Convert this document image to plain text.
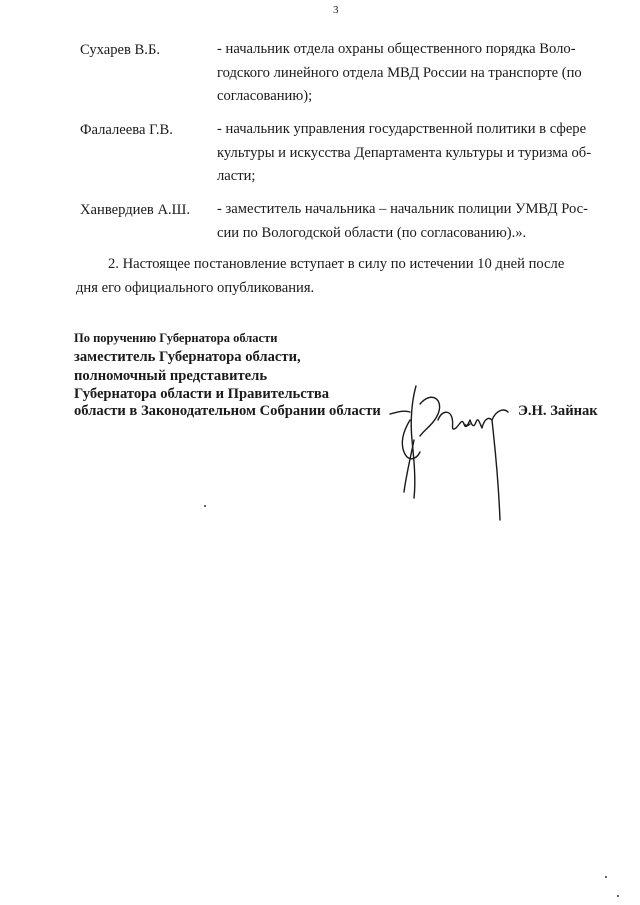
3
Сухарев В.Б.	- начальник отдела охраны общественного порядка Воло-
годского линейного отдела МВД России на транспорте (по
согласованию);
Фалалеева Г.В.	- начальник управления государственной политики в сфере
культуры и искусства Департамента культуры и туризма об-
ласти;
Ханвердиев А.Ш. - заместитель начальника – начальник полиции УМВД Рос-
сии по Вологодской области (по согласованию).».
2. Настоящее постановление вступает в силу по истечении 10 дней после
дня его официального опубликования.
По поручению Губернатора области
заместитель Губернатора области,
полномочный представитель
Губернатора области и Правительства
области в Законодательном Собрании области	Э.Н. Зайнак
